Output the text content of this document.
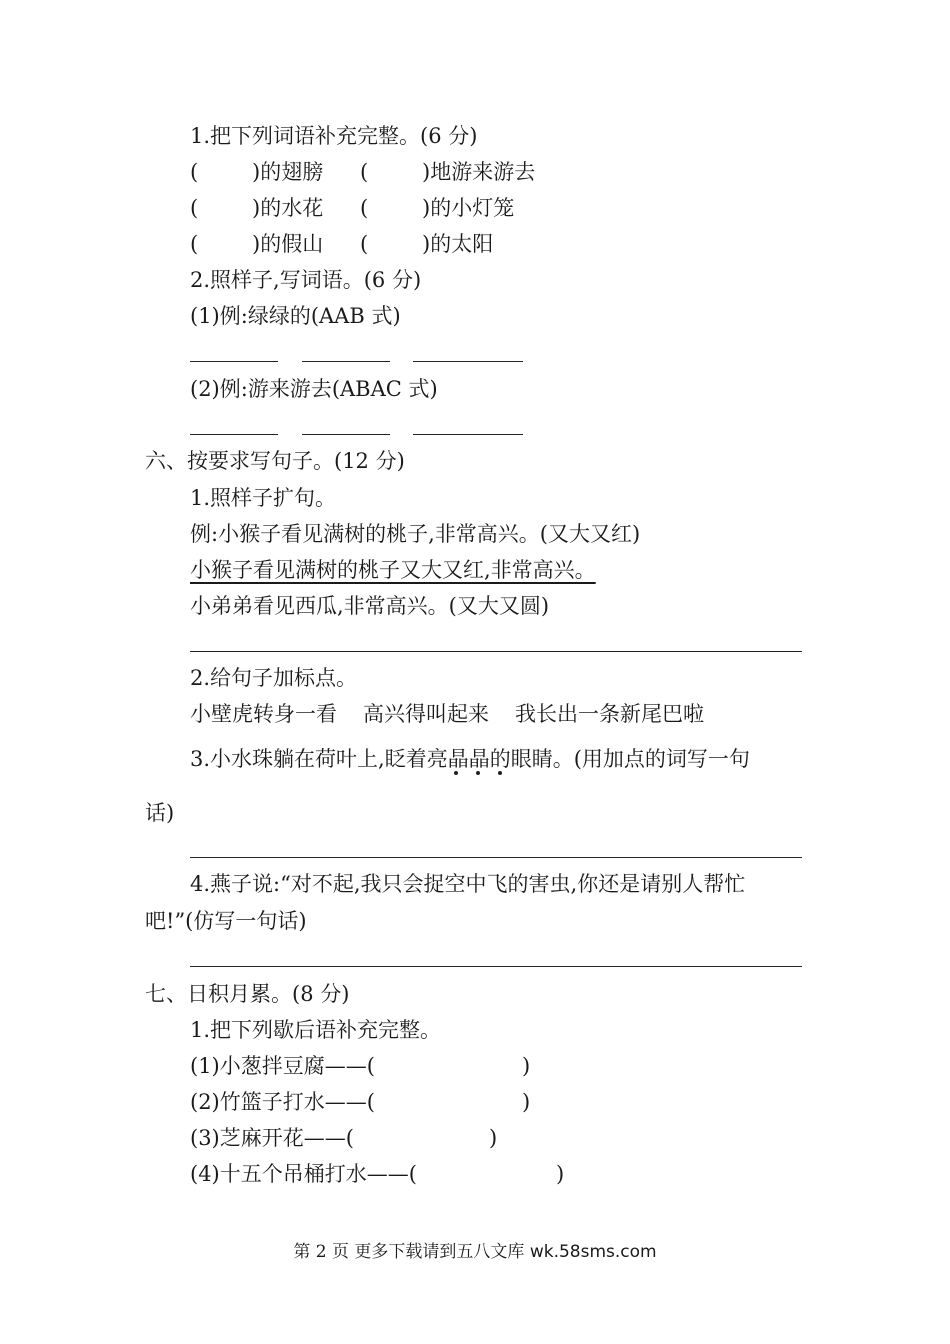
1.把下列词语补充完整。(6 分)
(	)的翅膀 (	)地游来游去
(	)的水花 (	)的小灯笼
(	)的假山 (	)的太阳
2.照样子,写词语。(6 分)
(1)例:绿绿的(AAB 式)
(2)例:游来游去(ABAC 式)
六、按要求写句子。(12 分)
1.照样子扩句。
例:小猴子看见满树的桃子,非常高兴。(又大又红)
小猴子看见满树的桃子又大又红,非常高兴。
小弟弟看见西瓜,非常高兴。(又大又圆)
2.给句子加标点。
小壁虎转身一看 高兴得叫起来 我长出一条新尾巴啦
3.小水珠躺在荷叶上,眨着亮晶晶的眼睛。(用加点的词写一句
话)
4.燕子说:“对不起,我只会捉空中飞的害虫,你还是请别人帮忙
吧!”(仿写一句话)
七、日积月累。(8 分)
1.把下列歇后语补充完整。
(1)小葱拌豆腐——(	)
(2)竹篮子打水——(	)
(3)芝麻开花——(	)
(4)十五个吊桶打水——(	)
第 2 页 更多下载请到五八文库 wk.58sms.com
